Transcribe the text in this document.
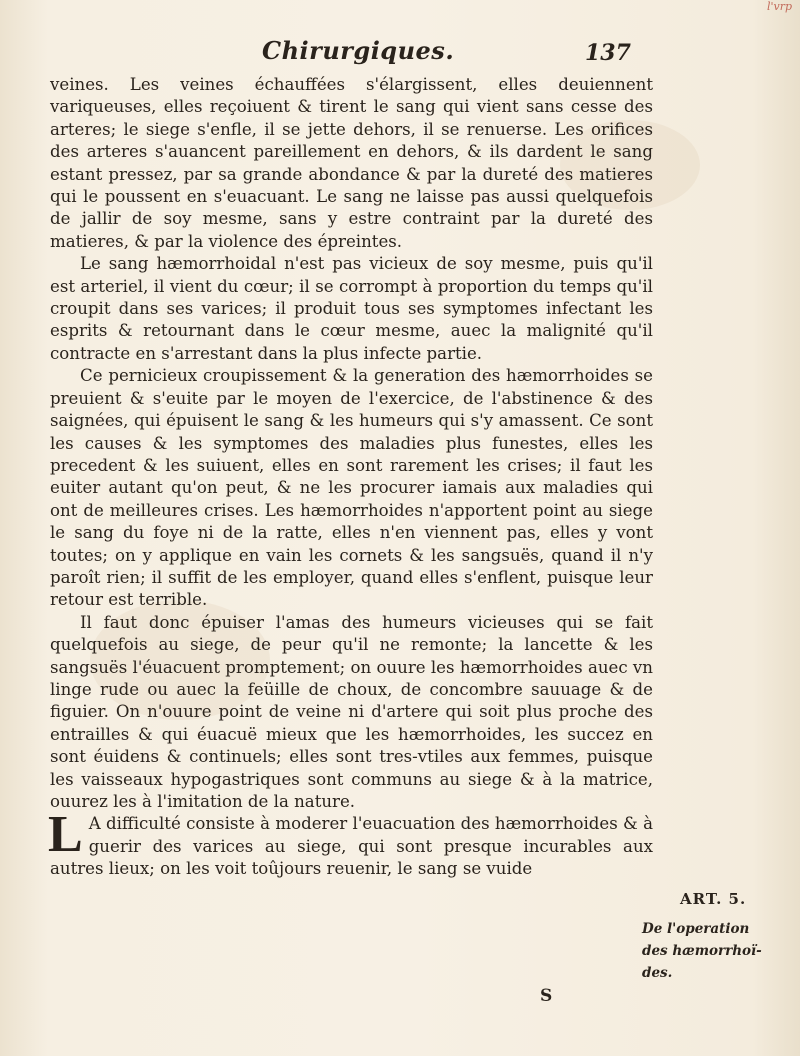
Chirurgiques.	137
l'vrp

veines. Les veines échauffées s'élargissent, elles deuiennent variqueuses, elles reçoiuent & tirent le sang qui vient sans cesse des arteres; le siege s'enfle, il se jette dehors, il se renuerse. Les orifices des arteres s'auancent pareillement en dehors, & ils dardent le sang estant pressez, par sa grande abondance & par la dureté des matieres qui le poussent en s'euacuant. Le sang ne laisse pas aussi quelquefois de jallir de soy mesme, sans y estre contraint par la dureté des matieres, & par la violence des épreintes.

Le sang hæmorrhoidal n'est pas vicieux de soy mesme, puis qu'il est arteriel, il vient du cœur; il se corrompt à proportion du temps qu'il croupit dans ses varices; il produit tous ses symptomes infectant les esprits & retournant dans le cœur mesme, auec la malignité qu'il contracte en s'arrestant dans la plus infecte partie.

Ce pernicieux croupissement & la generation des hæmorrhoides se preuient & s'euite par le moyen de l'exercice, de l'abstinence & des saignées, qui épuisent le sang & les humeurs qui s'y amassent. Ce sont les causes & les symptomes des maladies plus funestes, elles les precedent & les suiuent, elles en sont rarement les crises; il faut les euiter autant qu'on peut, & ne les procurer iamais aux maladies qui ont de meilleures crises. Les hæmorrhoides n'apportent point au siege le sang du foye ni de la ratte, elles n'en viennent pas, elles y vont toutes; on y applique en vain les cornets & les sangsuës, quand il n'y paroît rien; il suffit de les employer, quand elles s'enflent, puisque leur retour est terrible.

Il faut donc épuiser l'amas des humeurs vicieuses qui se fait quelquefois au siege, de peur qu'il ne remonte; la lancette & les sangsuës l'éuacuent promptement; on ouure les hæmorrhoides auec vn linge rude ou auec la feüille de choux, de concombre sauuage & de figuier. On n'ouure point de veine ni d'artere qui soit plus proche des entrailles & qui éuacuë mieux que les hæmorrhoides, les succez en sont éuidens & continuels; elles sont tres-vtiles aux femmes, puisque les vaisseaux hypogastriques sont communs au siege & à la matrice, ouurez les à l'imitation de la nature.

L A difficulté consiste à moderer l'euacuation des hæmorrhoides & à guerir des varices au siege, qui sont presque incurables aux autres lieux; on les voit toûjours reuenir, le sang se vuide

ART. 5.
De l'operation
des hæmorrhoï-
des.
S
